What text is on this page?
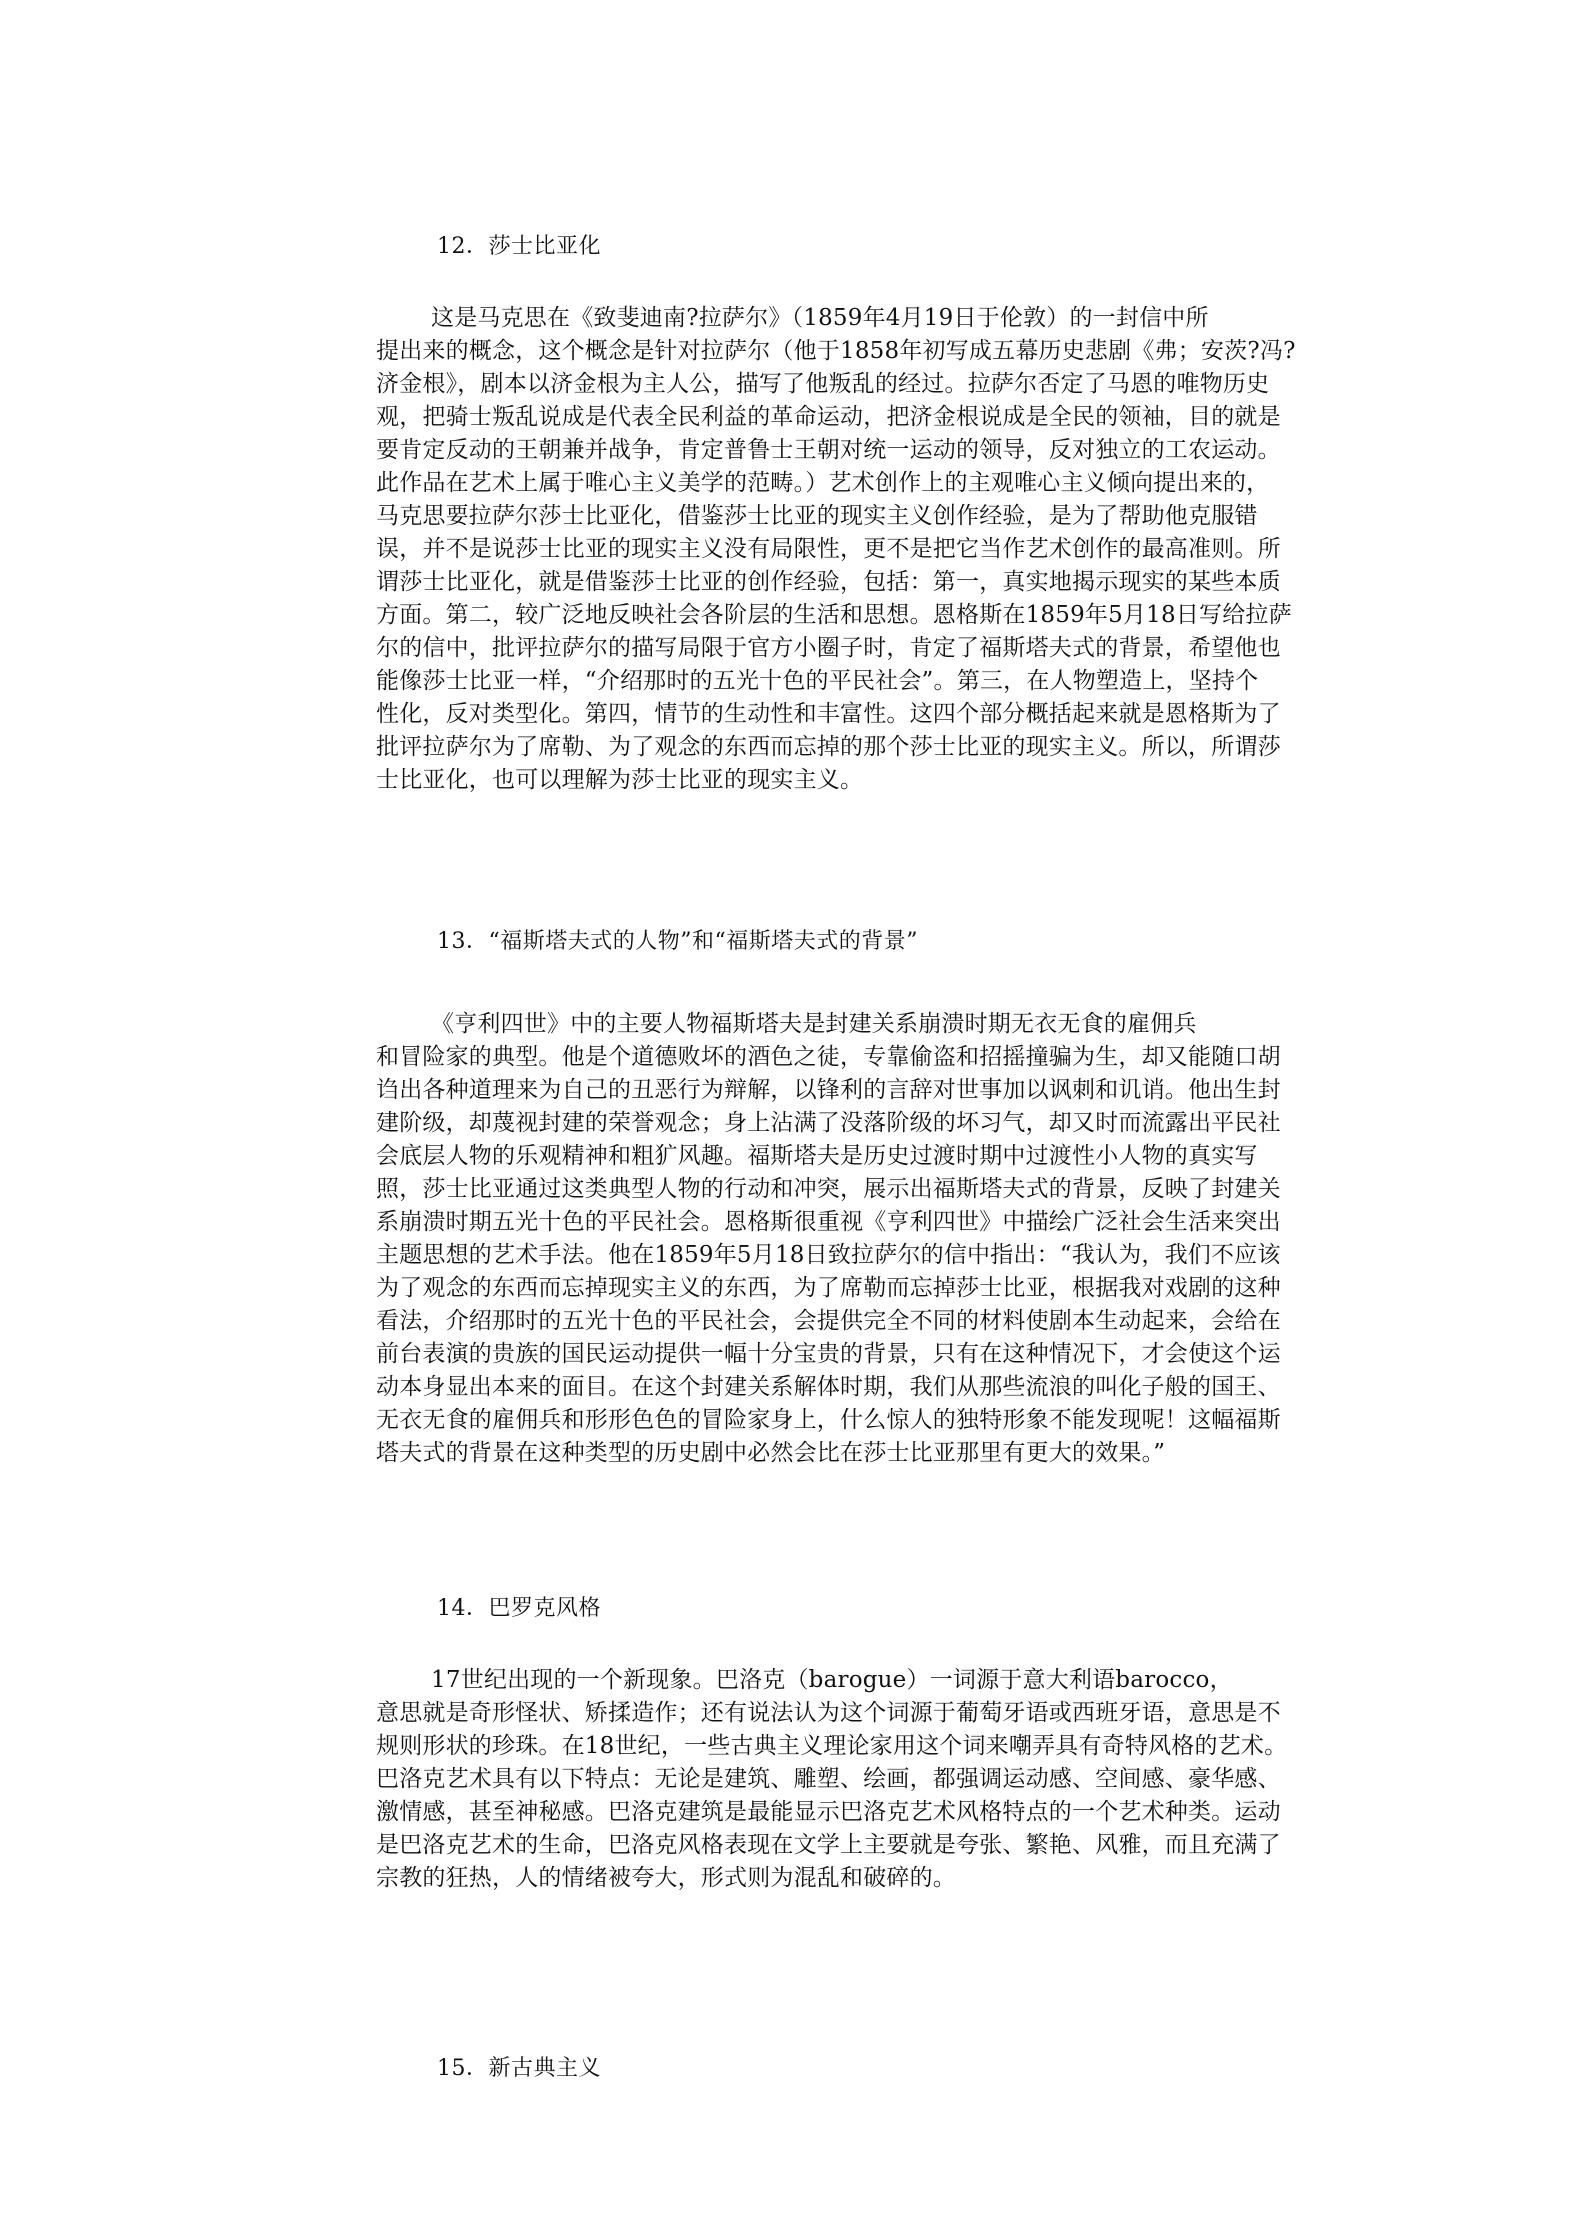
12．莎士比亚化
这是马克思在《致斐迪南?拉萨尔》（1859年4月19日于伦敦）的一封信中所
提出来的概念，这个概念是针对拉萨尔（他于1858年初写成五幕历史悲剧《弗；安茨?冯?
济金根》，剧本以济金根为主人公，描写了他叛乱的经过。拉萨尔否定了马恩的唯物历史
观，把骑士叛乱说成是代表全民利益的革命运动，把济金根说成是全民的领袖，目的就是
要肯定反动的王朝兼并战争，肯定普鲁士王朝对统一运动的领导，反对独立的工农运动。
此作品在艺术上属于唯心主义美学的范畴。）艺术创作上的主观唯心主义倾向提出来的，
马克思要拉萨尔莎士比亚化，借鉴莎士比亚的现实主义创作经验，是为了帮助他克服错
误，并不是说莎士比亚的现实主义没有局限性，更不是把它当作艺术创作的最高准则。所
谓莎士比亚化，就是借鉴莎士比亚的创作经验，包括：第一，真实地揭示现实的某些本质
方面。第二，较广泛地反映社会各阶层的生活和思想。恩格斯在1859年5月18日写给拉萨
尔的信中，批评拉萨尔的描写局限于官方小圈子时，肯定了福斯塔夫式的背景，希望他也
能像莎士比亚一样，“介绍那时的五光十色的平民社会”。第三，在人物塑造上，坚持个
性化，反对类型化。第四，情节的生动性和丰富性。这四个部分概括起来就是恩格斯为了
批评拉萨尔为了席勒、为了观念的东西而忘掉的那个莎士比亚的现实主义。所以，所谓莎
士比亚化，也可以理解为莎士比亚的现实主义。
13．“福斯塔夫式的人物”和“福斯塔夫式的背景”
《亨利四世》中的主要人物福斯塔夫是封建关系崩溃时期无衣无食的雇佣兵
和冒险家的典型。他是个道德败坏的酒色之徒，专靠偷盗和招摇撞骗为生，却又能随口胡
诌出各种道理来为自己的丑恶行为辩解，以锋利的言辞对世事加以讽刺和讥诮。他出生封
建阶级，却蔑视封建的荣誉观念；身上沾满了没落阶级的坏习气，却又时而流露出平民社
会底层人物的乐观精神和粗犷风趣。福斯塔夫是历史过渡时期中过渡性小人物的真实写
照，莎士比亚通过这类典型人物的行动和冲突，展示出福斯塔夫式的背景，反映了封建关
系崩溃时期五光十色的平民社会。恩格斯很重视《亨利四世》中描绘广泛社会生活来突出
主题思想的艺术手法。他在1859年5月18日致拉萨尔的信中指出：“我认为，我们不应该
为了观念的东西而忘掉现实主义的东西，为了席勒而忘掉莎士比亚，根据我对戏剧的这种
看法，介绍那时的五光十色的平民社会，会提供完全不同的材料使剧本生动起来，会给在
前台表演的贵族的国民运动提供一幅十分宝贵的背景，只有在这种情况下，才会使这个运
动本身显出本来的面目。在这个封建关系解体时期，我们从那些流浪的叫化子般的国王、
无衣无食的雇佣兵和形形色色的冒险家身上，什么惊人的独特形象不能发现呢！这幅福斯
塔夫式的背景在这种类型的历史剧中必然会比在莎士比亚那里有更大的效果。”
14．巴罗克风格
17世纪出现的一个新现象。巴洛克（barogue）一词源于意大利语barocco，
意思就是奇形怪状、矫揉造作；还有说法认为这个词源于葡萄牙语或西班牙语，意思是不
规则形状的珍珠。在18世纪，一些古典主义理论家用这个词来嘲弄具有奇特风格的艺术。
巴洛克艺术具有以下特点：无论是建筑、雕塑、绘画，都强调运动感、空间感、豪华感、
激情感，甚至神秘感。巴洛克建筑是最能显示巴洛克艺术风格特点的一个艺术种类。运动
是巴洛克艺术的生命，巴洛克风格表现在文学上主要就是夸张、繁艳、风雅，而且充满了
宗教的狂热，人的情绪被夸大，形式则为混乱和破碎的。
15．新古典主义
